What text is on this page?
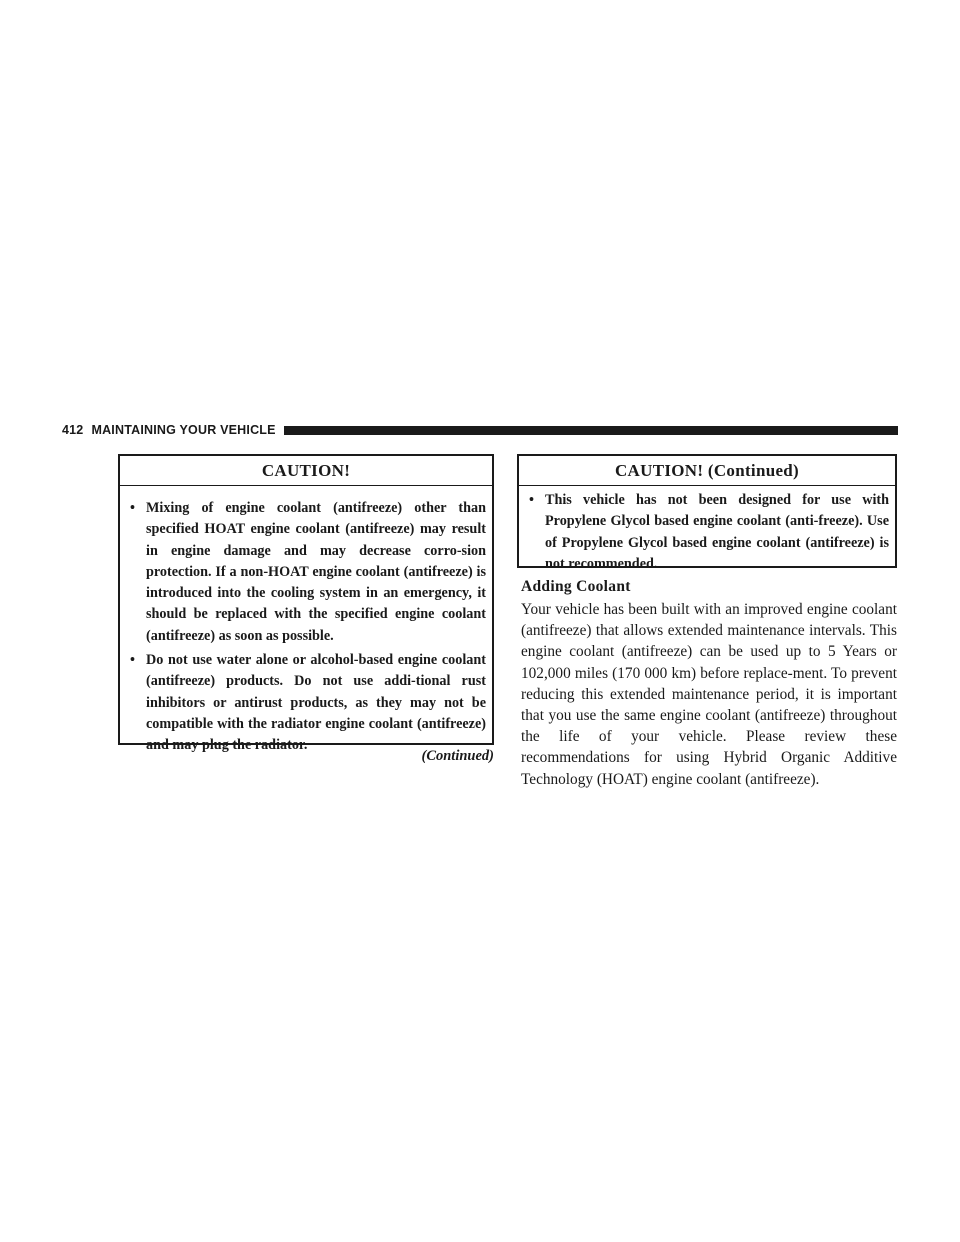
412 MAINTAINING YOUR VEHICLE
CAUTION!
• Mixing of engine coolant (antifreeze) other than specified HOAT engine coolant (antifreeze) may result in engine damage and may decrease corro-sion protection. If a non-HOAT engine coolant (antifreeze) is introduced into the cooling system in an emergency, it should be replaced with the specified engine coolant (antifreeze) as soon as possible.
• Do not use water alone or alcohol-based engine coolant (antifreeze) products. Do not use addi-tional rust inhibitors or antirust products, as they may not be compatible with the radiator engine coolant (antifreeze) and may plug the radiator.
(Continued)
CAUTION! (Continued)
• This vehicle has not been designed for use with Propylene Glycol based engine coolant (anti-freeze). Use of Propylene Glycol based engine coolant (antifreeze) is not recommended.
Adding Coolant

Your vehicle has been built with an improved engine coolant (antifreeze) that allows extended maintenance intervals. This engine coolant (antifreeze) can be used up to 5 Years or 102,000 miles (170 000 km) before replace-ment. To prevent reducing this extended maintenance period, it is important that you use the same engine coolant (antifreeze) throughout the life of your vehicle. Please review these recommendations for using Hybrid Organic Additive Technology (HOAT) engine coolant (antifreeze).
